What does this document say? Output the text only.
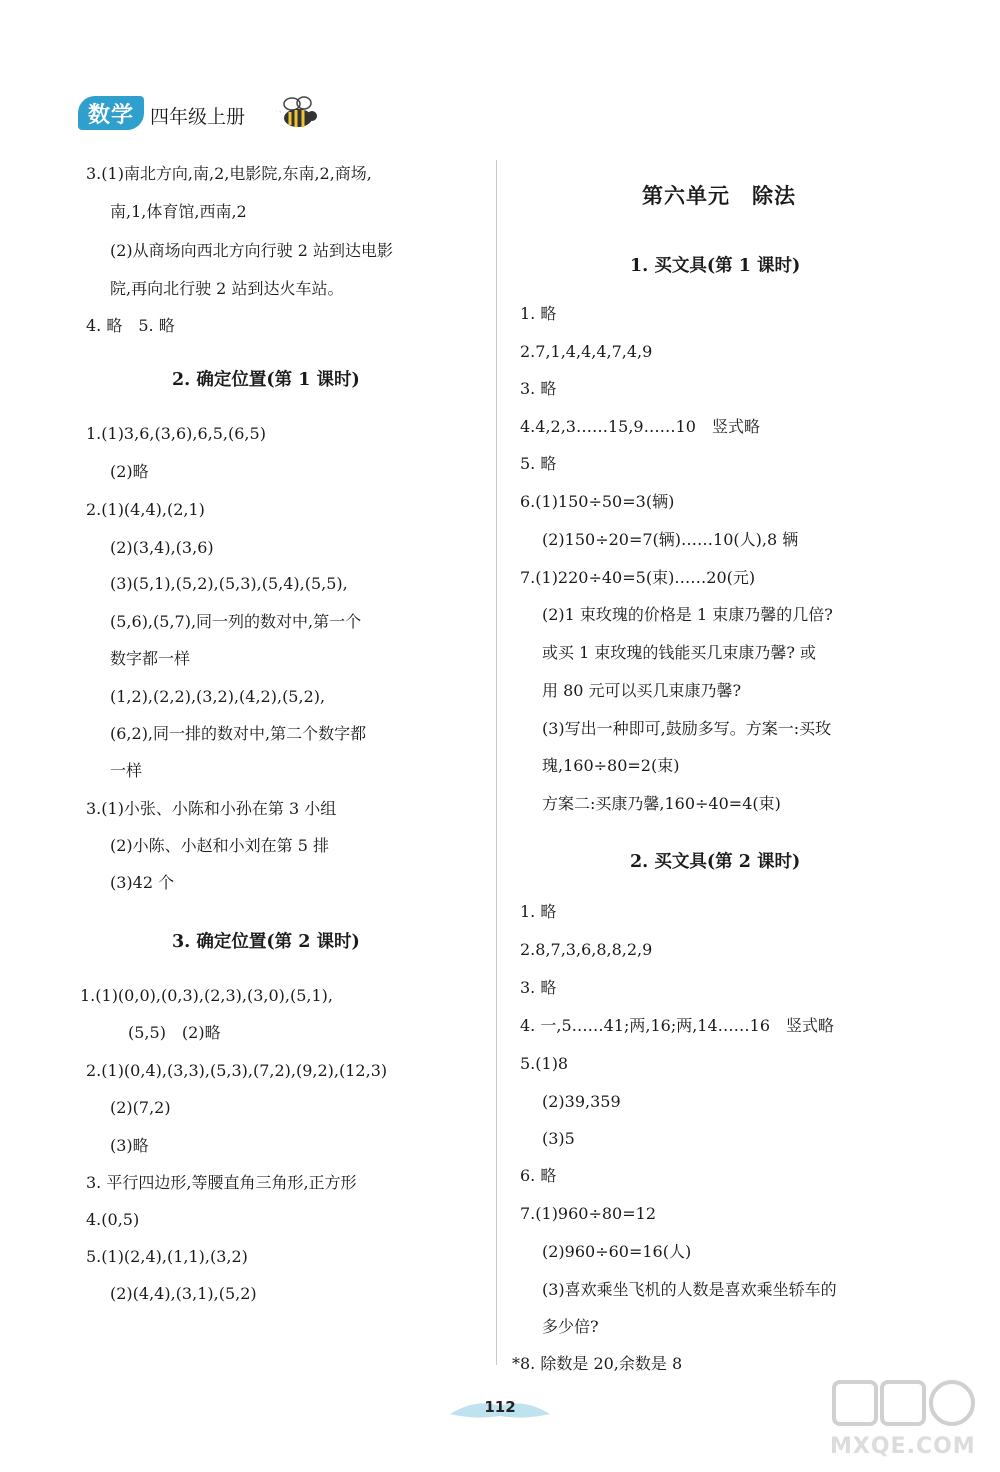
数学 四年级上册
3.(1)南北方向,南,2,电影院,东南,2,商场,
南,1,体育馆,西南,2
(2)从商场向西北方向行驶 2 站到达电影
院,再向北行驶 2 站到达火车站。
4. 略　5. 略
2. 确定位置(第 1 课时)
1.(1)3,6,(3,6),6,5,(6,5)
(2)略
2.(1)(4,4),(2,1)
(2)(3,4),(3,6)
(3)(5,1),(5,2),(5,3),(5,4),(5,5),
(5,6),(5,7),同一列的数对中,第一个
数字都一样
(1,2),(2,2),(3,2),(4,2),(5,2),
(6,2),同一排的数对中,第二个数字都
一样
3.(1)小张、小陈和小孙在第 3 小组
(2)小陈、小赵和小刘在第 5 排
(3)42 个
3. 确定位置(第 2 课时)
1.(1)(0,0),(0,3),(2,3),(3,0),(5,1),
(5,5)　(2)略
2.(1)(0,4),(3,3),(5,3),(7,2),(9,2),(12,3)
(2)(7,2)
(3)略
3. 平行四边形,等腰直角三角形,正方形
4.(0,5)
5.(1)(2,4),(1,1),(3,2)
(2)(4,4),(3,1),(5,2)
第六单元　除法
1. 买文具(第 1 课时)
1. 略
2.7,1,4,4,4,7,4,9
3. 略
4.4,2,3……15,9……10　竖式略
5. 略
6.(1)150÷50=3(辆)
(2)150÷20=7(辆)……10(人),8 辆
7.(1)220÷40=5(束)……20(元)
(2)1 束玫瑰的价格是 1 束康乃馨的几倍?
或买 1 束玫瑰的钱能买几束康乃馨? 或
用 80 元可以买几束康乃馨?
(3)写出一种即可,鼓励多写。方案一:买玫
瑰,160÷80=2(束)
方案二:买康乃馨,160÷40=4(束)
2. 买文具(第 2 课时)
1. 略
2.8,7,3,6,8,8,2,9
3. 略
4. 一,5……41;两,16;两,14……16　竖式略
5.(1)8
(2)39,359
(3)5
6. 略
7.(1)960÷80=12
(2)960÷60=16(人)
(3)喜欢乘坐飞机的人数是喜欢乘坐轿车的
多少倍?
*8. 除数是 20,余数是 8
112
MXQE.COM
